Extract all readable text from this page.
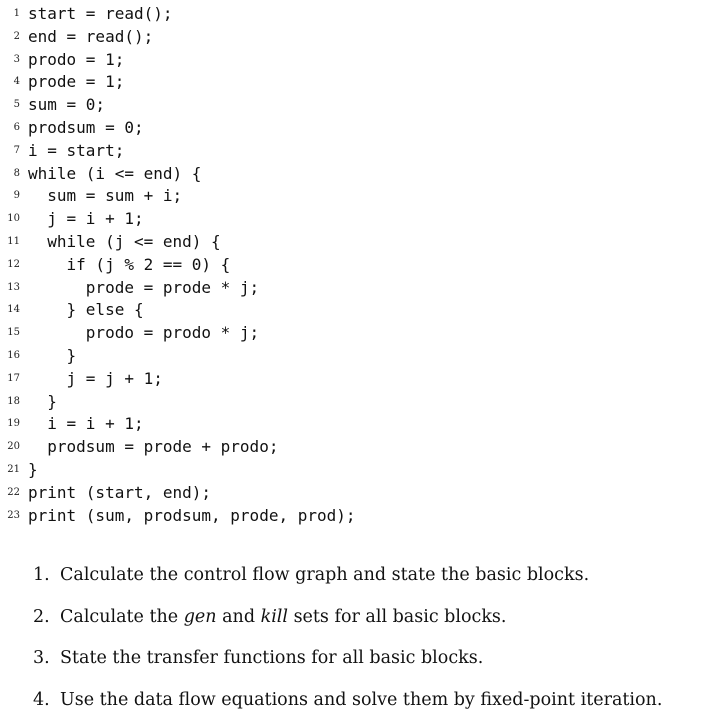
1 start = read();
2 end = read();
3 prodo = 1;
4 prode = 1;
5 sum = 0;
6 prodsum = 0;
7 i = start;
8 while (i <= end) {
9 sum = sum + i;
10 j = i + 1;
11 while (j <= end) {
12 if (j % 2 == 0) {
13 prode = prode * j;
14 } else {
15 prodo = prodo * j;
16 }
17 j = j + 1;
18 }
19 i = i + 1;
20 prodsum = prode + prodo;
21 }
22 print (start, end);
23 print (sum, prodsum, prode, prod);
1. Calculate the control flow graph and state the basic blocks.
2. Calculate the gen and kill sets for all basic blocks.
3. State the transfer functions for all basic blocks.
4. Use the data flow equations and solve them by fixed-point iteration.
